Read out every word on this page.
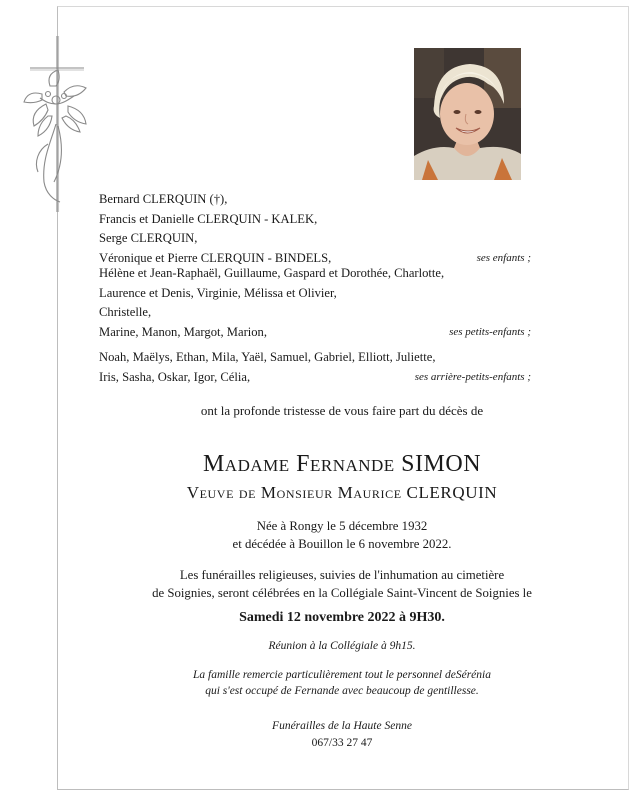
Bernard CLERQUIN (†),
Francis et Danielle CLERQUIN - KALEK,
Serge CLERQUIN,
Véronique et Pierre CLERQUIN - BINDELS,	ses enfants ;
Hélène et Jean-Raphaël, Guillaume, Gaspard et Dorothée, Charlotte,
Laurence et Denis, Virginie, Mélissa et Olivier,
Christelle,
Marine, Manon, Margot, Marion,	ses petits-enfants ;
Noah, Maëlys, Ethan, Mila, Yaël, Samuel, Gabriel, Elliott, Juliette,
Iris, Sasha, Oskar, Igor, Célia,	ses arrière-petits-enfants ;
ont la profonde tristesse de vous faire part du décès de
Madame Fernande SIMON
Veuve de Monsieur Maurice CLERQUIN
Née à Rongy le 5 décembre 1932
et décédée à Bouillon le 6 novembre 2022.
Les funérailles religieuses, suivies de l'inhumation au cimetière
de Soignies, seront célébrées en la Collégiale Saint-Vincent de Soignies le
Samedi 12 novembre 2022 à 9H30.
Réunion à la Collégiale à 9h15.
La famille remercie particulièrement tout le personnel deSérénia
qui s'est occupé de Fernande avec beaucoup de gentillesse.
Funérailles de la Haute Senne
067/33 27 47
